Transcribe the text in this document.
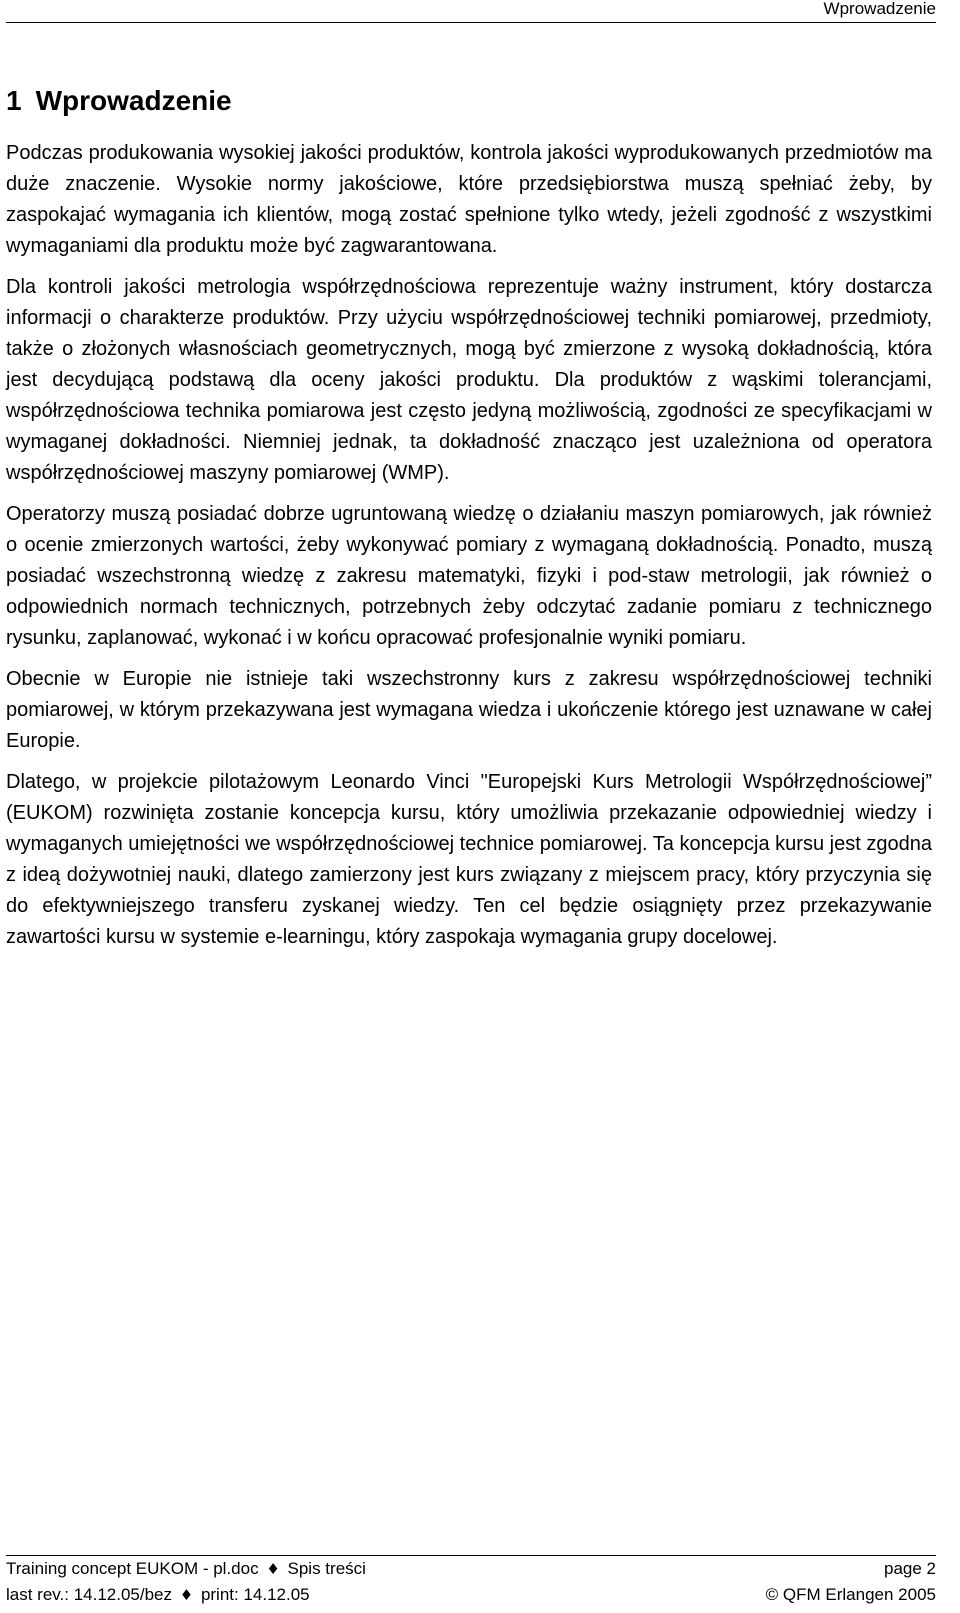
Wprowadzenie
1 Wprowadzenie

Podczas produkowania wysokiej jakości produktów, kontrola jakości wyprodukowanych przedmiotów ma duże znaczenie. Wysokie normy jakościowe, które przedsiębiorstwa muszą spełniać żeby, by zaspokajać wymagania ich klientów, mogą zostać spełnione tylko wtedy, jeżeli zgodność z wszystkimi wymaganiami dla produktu może być zagwarantowana.

Dla kontroli jakości metrologia współrzędnościowa reprezentuje ważny instrument, który dostarcza informacji o charakterze produktów. Przy użyciu współrzędnościowej techniki pomiarowej, przedmioty, także o złożonych własnościach geometrycznych, mogą być zmierzone z wysoką dokładnością, która jest decydującą podstawą dla oceny jakości produktu. Dla produktów z wąskimi tolerancjami, współrzędnościowa technika pomiarowa jest często jedyną możliwością, zgodności ze specyfikacjami w wymaganej dokładności. Niemniej jednak, ta dokładność znacząco jest uzależniona od operatora współrzędnościowej maszyny pomiarowej (WMP).

Operatorzy muszą posiadać dobrze ugruntowaną wiedzę o działaniu maszyn pomiarowych, jak również o ocenie zmierzonych wartości, żeby wykonywać pomiary z wymaganą dokładnością. Ponadto, muszą posiadać wszechstronną wiedzę z zakresu matematyki, fizyki i pod-staw metrologii, jak również o odpowiednich normach technicznych, potrzebnych żeby odczytać zadanie pomiaru z technicznego rysunku, zaplanować, wykonać i w końcu opracować profesjonalnie wyniki pomiaru.

Obecnie w Europie nie istnieje taki wszechstronny kurs z zakresu współrzędnościowej techniki pomiarowej, w którym przekazywana jest wymagana wiedza i ukończenie którego jest uznawane w całej Europie.

Dlatego, w projekcie pilotażowym Leonardo Vinci "Europejski Kurs Metrologii Współrzędnościowej” (EUKOM) rozwinięta zostanie koncepcja kursu, który umożliwia przekazanie odpowiedniej wiedzy i wymaganych umiejętności we współrzędnościowej technice pomiarowej. Ta koncepcja kursu jest zgodna z ideą dożywotniej nauki, dlatego zamierzony jest kurs związany z miejscem pracy, który przyczynia się do efektywniejszego transferu zyskanej wiedzy. Ten cel będzie osiągnięty przez przekazywanie zawartości kursu w systemie e-learningu, który zaspokaja wymagania grupy docelowej.

Training concept EUKOM - pl.doc ♦ Spis treści	page 2
last rev.: 14.12.05/bez ♦ print: 14.12.05	© QFM Erlangen 2005
